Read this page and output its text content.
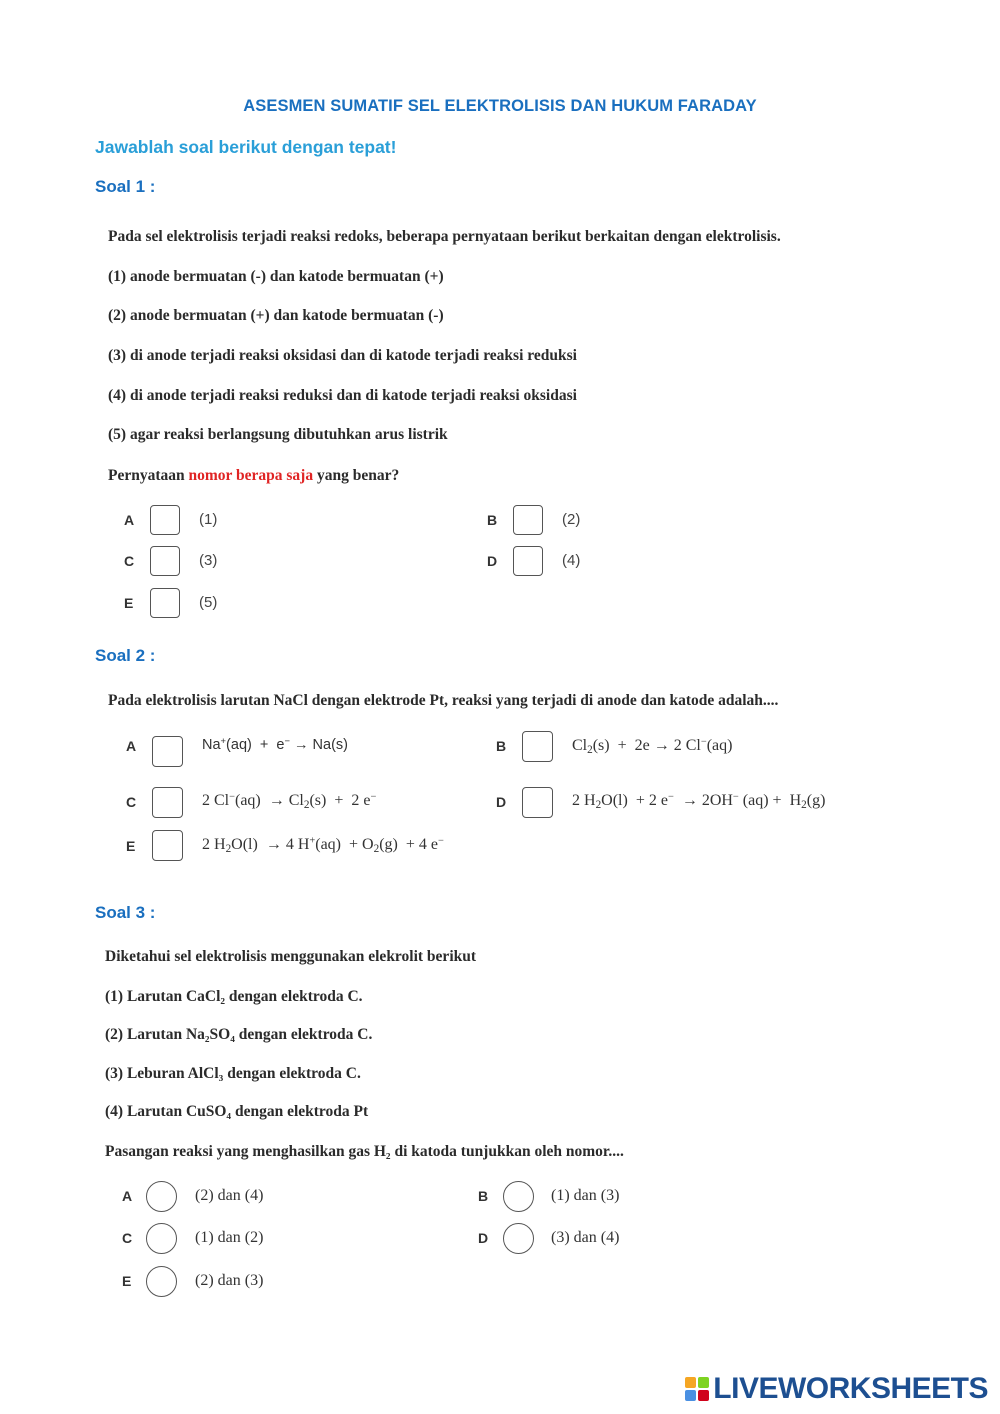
ASESMEN SUMATIF SEL ELEKTROLISIS DAN HUKUM FARADAY
Jawablah soal berikut dengan tepat!
Soal 1 :
Pada sel elektrolisis terjadi reaksi redoks, beberapa pernyataan berikut berkaitan dengan elektrolisis.
(1) anode bermuatan (-) dan katode bermuatan (+)
(2) anode bermuatan (+) dan katode bermuatan (-)
(3) di anode terjadi reaksi oksidasi dan di katode terjadi reaksi reduksi
(4) di anode terjadi reaksi reduksi dan di katode terjadi reaksi oksidasi
(5) agar reaksi berlangsung dibutuhkan arus listrik
Pernyataan nomor berapa saja yang benar?
A	(1)	B	(2)
C	(3)	D	(4)
E	(5)
Soal 2 :
Pada elektrolisis larutan NaCl dengan elektrode Pt, reaksi yang terjadi di anode dan katode adalah....
A	Na+(aq)  +  e− → Na(s)	B	$Cl_2(s) + 2e \to 2$ Cl−(aq)
C	2 $Cl^-(aq) \to Cl_2(s) + 2$ e−	D	2 $H_2O(l) + 2$ e−  → 2OH− $(aq) + H_2(g)$
E	2 $H_2O(l) \to 4$ $H^+(aq) + O_2(g) + 4$ e−
Soal 3 :
Diketahui sel elektrolisis menggunakan elekrolit berikut
(1) Larutan CaCl₂ dengan elektroda C.
(2) Larutan Na₂SO₄ dengan elektroda C.
(3) Leburan AlCl₃ dengan elektroda C.
(4) Larutan CuSO₄ dengan elektroda Pt
Pasangan reaksi yang menghasilkan gas H₂ di katoda tunjukkan oleh nomor....
A	(2) dan (4)	B	(1) dan (3)
C	(1) dan (2)	D	(3) dan (4)
E	(2) dan (3)
LIVEWORKSHEETS
